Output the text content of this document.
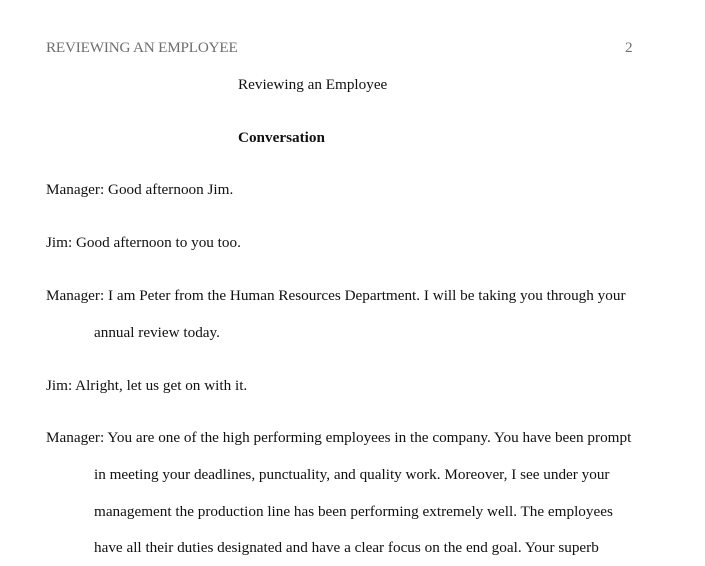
REVIEWING AN EMPLOYEE	2
Reviewing an Employee
Conversation
Manager: Good afternoon Jim.
Jim: Good afternoon to you too.
Manager: I am Peter from the Human Resources Department. I will be taking you through your
annual review today.
Jim: Alright, let us get on with it.
Manager: You are one of the high performing employees in the company. You have been prompt
in meeting your deadlines, punctuality, and quality work. Moreover, I see under your
management the production line has been performing extremely well. The employees
have all their duties designated and have a clear focus on the end goal. Your superb
